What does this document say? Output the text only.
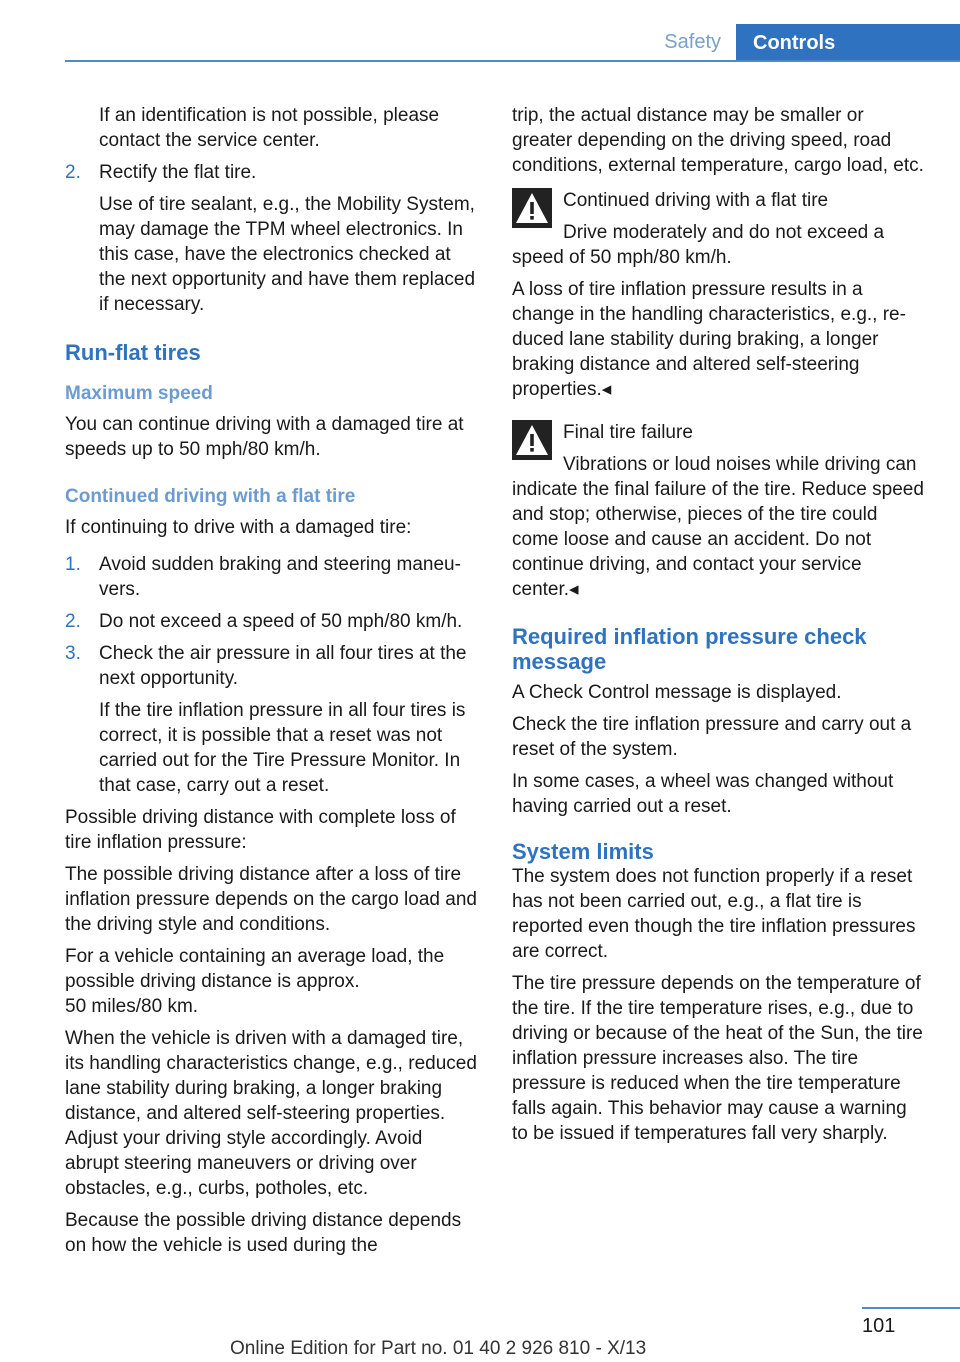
Safety	Controls

If an identification is not possible, please contact the service center.

2. Rectify the flat tire.

Use of tire sealant, e.g., the Mobility System, may damage the TPM wheel electronics. In this case, have the electronics checked at the next opportunity and have them replaced if necessary.

Run-flat tires
Maximum speed

You can continue driving with a damaged tire at speeds up to 50 mph/80 km/h.

Continued driving with a flat tire

If continuing to drive with a damaged tire:

1. Avoid sudden braking and steering maneuvers.

2. Do not exceed a speed of 50 mph/80 km/h.

3. Check the air pressure in all four tires at the next opportunity.

If the tire inflation pressure in all four tires is correct, it is possible that a reset was not carried out for the Tire Pressure Monitor. In that case, carry out a reset.

Possible driving distance with complete loss of tire inflation pressure:

The possible driving distance after a loss of tire inflation pressure depends on the cargo load and the driving style and conditions.

For a vehicle containing an average load, the possible driving distance is approx.
50 miles/80 km.

When the vehicle is driven with a damaged tire, its handling characteristics change, e.g., reduced lane stability during braking, a longer braking distance, and altered self-steering properties. Adjust your driving style accordingly. Avoid abrupt steering maneuvers or driving over obstacles, e.g., curbs, potholes, etc.

Because the possible driving distance depends on how the vehicle is used during the

trip, the actual distance may be smaller or greater depending on the driving speed, road conditions, external temperature, cargo load, etc.

Continued driving with a flat tire

Drive moderately and do not exceed a speed of 50 mph/80 km/h.

A loss of tire inflation pressure results in a change in the handling characteristics, e.g., reduced lane stability during braking, a longer braking distance and altered self-steering properties.◂

Final tire failure

Vibrations or loud noises while driving can indicate the final failure of the tire. Reduce speed and stop; otherwise, pieces of the tire could come loose and cause an accident. Do not continue driving, and contact your service center.◂

Required inflation pressure check message

A Check Control message is displayed.

Check the tire inflation pressure and carry out a reset of the system.

In some cases, a wheel was changed without having carried out a reset.

System limits

The system does not function properly if a reset has not been carried out, e.g., a flat tire is reported even though the tire inflation pressures are correct.

The tire pressure depends on the temperature of the tire. If the tire temperature rises, e.g., due to driving or because of the heat of the Sun, the tire inflation pressure increases also. The tire pressure is reduced when the tire temperature falls again. This behavior may cause a warning to be issued if temperatures fall very sharply.

101
Online Edition for Part no. 01 40 2 926 810 - X/13
